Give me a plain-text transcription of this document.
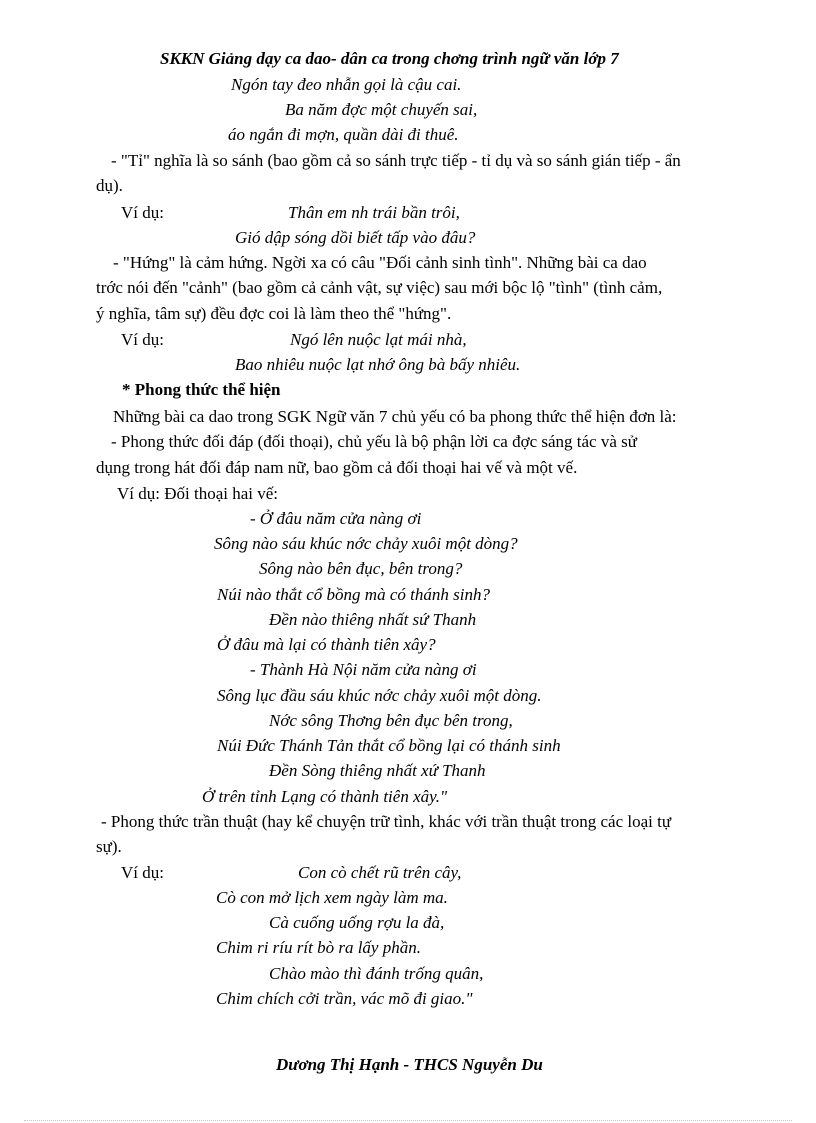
SKKN Giảng dạy ca dao- dân ca trong chơng trình ngữ văn lớp 7
Ngón tay đeo nhẫn gọi là cậu cai.
Ba năm đợc một chuyến sai,
áo ngắn đi mợn, quần dài đi thuê.
- "Tỉ" nghĩa là so sánh (bao gồm cả so sánh trực tiếp - tỉ dụ và so sánh gián tiếp - ẩn
dụ).
Ví dụ:	Thân em nh trái bần trôi,
Gió dập sóng dồi biết tấp vào đâu?
- "Hứng" là cảm hứng. Ngời xa có câu "Đối cảnh sinh tình". Những bài ca dao
trớc nói đến "cảnh" (bao gồm cả cảnh vật, sự việc) sau mới bộc lộ "tình" (tình cảm,
ý nghĩa, tâm sự) đều đợc coi là làm theo thể "hứng".
Ví dụ:	Ngó lên nuộc lạt mái nhà,
Bao nhiêu nuộc lạt nhớ ông bà bấy nhiêu.
* Phong thức thể hiện
Những bài ca dao trong SGK Ngữ văn 7 chủ yếu có ba phong thức thể hiện đơn là:
- Phong thức đối đáp (đối thoại), chủ yếu là bộ phận lời ca đợc sáng tác và sử
dụng trong hát đối đáp nam nữ, bao gồm cả đối thoại hai vế và một vế.
Ví dụ: Đối thoại hai vế:
- Ở đâu năm cửa nàng ơi
Sông nào sáu khúc nớc chảy xuôi một dòng?
Sông nào bên đục, bên trong?
Núi nào thắt cổ bồng mà có thánh sinh?
Đền nào thiêng nhất sứ Thanh
Ở đâu mà lại có thành tiên xây?
- Thành Hà Nội năm cửa nàng ơi
Sông lục đầu sáu khúc nớc chảy xuôi một dòng.
Nớc sông Thơng bên đục bên trong,
Núi Đức Thánh Tản thắt cổ bồng lại có thánh sinh
Đền Sòng thiêng nhất xứ Thanh
Ở trên tỉnh Lạng có thành tiên xây."
- Phong thức trần thuật (hay kể chuyện trữ tình, khác với trần thuật trong các loại tự
sự).
Ví dụ:	Con cò chết rũ trên cây,
Cò con mở lịch xem ngày làm ma.
Cà cuống uống rợu la đà,
Chim ri ríu rít bò ra lấy phần.
Chào mào thì đánh trống quân,
Chim chích cởi trần, vác mõ đi giao."
Dương Thị Hạnh - THCS Nguyễn Du
